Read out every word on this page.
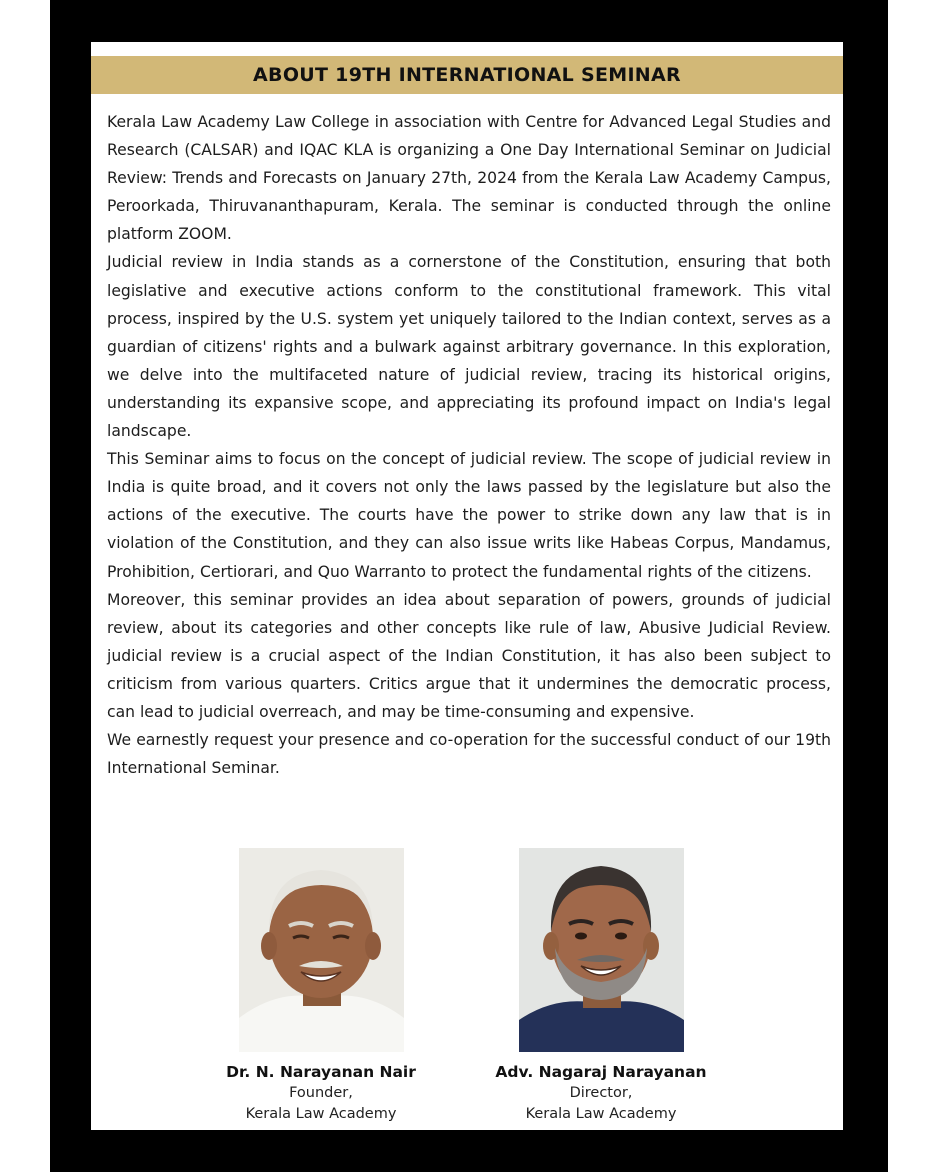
ABOUT 19TH INTERNATIONAL SEMINAR

Kerala Law Academy Law College in association with Centre for Advanced Legal Studies and Research (CALSAR) and IQAC KLA is organizing a One Day International Seminar on Judicial Review: Trends and Forecasts on January 27th, 2024 from the Kerala Law Academy Campus, Peroorkada, Thiruvananthapuram, Kerala. The seminar is conducted through the online platform ZOOM.

Judicial review in India stands as a cornerstone of the Constitution, ensuring that both legislative and executive actions conform to the constitutional framework. This vital process, inspired by the U.S. system yet uniquely tailored to the Indian context, serves as a guardian of citizens' rights and a bulwark against arbitrary governance. In this exploration, we delve into the multifaceted nature of judicial review, tracing its historical origins, understanding its expansive scope, and appreciating its profound impact on India's legal landscape.

This Seminar aims to focus on the concept of judicial review. The scope of judicial review in India is quite broad, and it covers not only the laws passed by the legislature but also the actions of the executive. The courts have the power to strike down any law that is in violation of the Constitution, and they can also issue writs like Habeas Corpus, Mandamus, Prohibition, Certiorari, and Quo Warranto to protect the fundamental rights of the citizens.

Moreover, this seminar provides an idea about separation of powers, grounds of judicial review, about its categories and other concepts like rule of law, Abusive Judicial Review. judicial review is a crucial aspect of the Indian Constitution, it has also been subject to criticism from various quarters. Critics argue that it undermines the democratic process, can lead to judicial overreach, and may be time-consuming and expensive.

We earnestly request your presence and co-operation for the successful conduct of our 19th International Seminar.

Dr. N. Narayanan Nair
Founder,
Kerala Law Academy
Adv. Nagaraj Narayanan
Director,
Kerala Law Academy
